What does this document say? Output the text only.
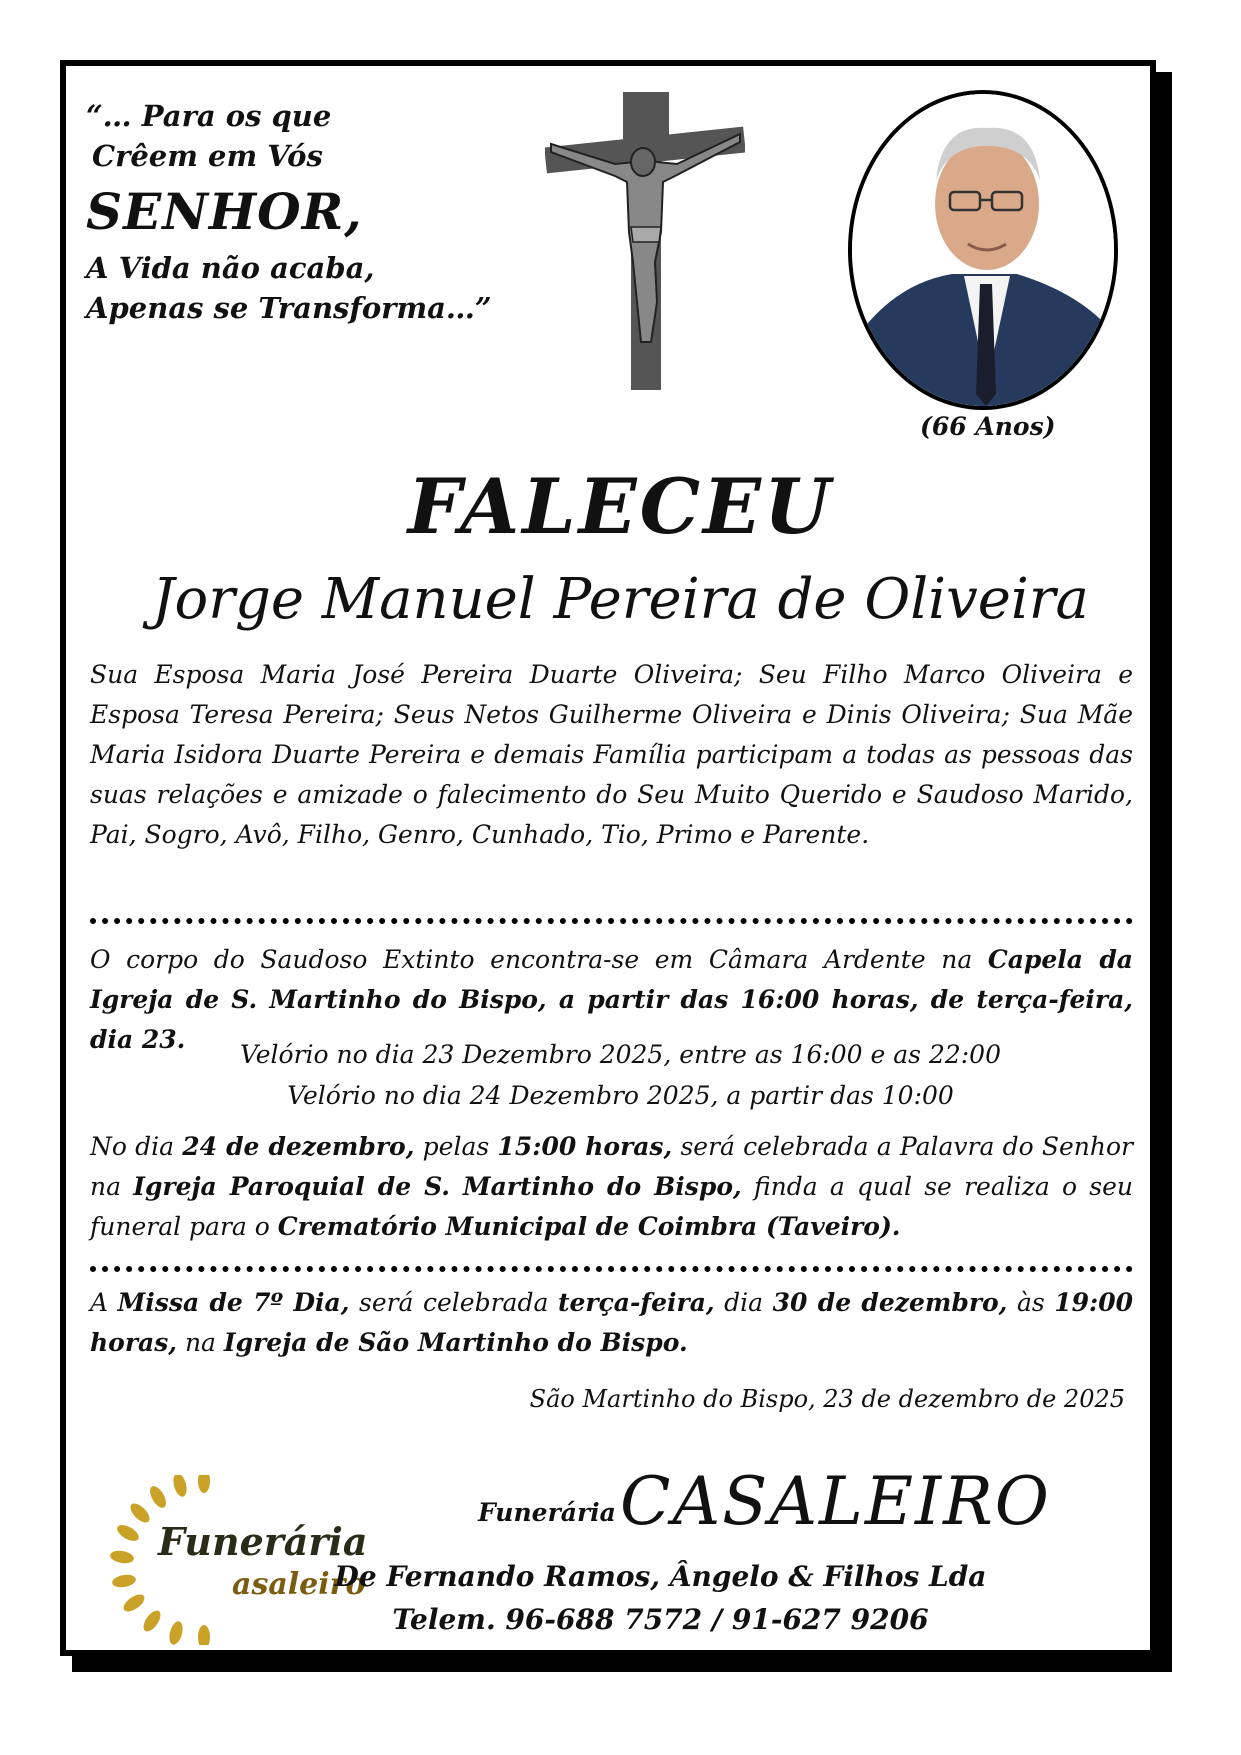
“… Para os que
Crêem em Vós
SENHOR,
A Vida não acaba,
Apenas se Transforma…”
(66 Anos)
FALECEU
Jorge Manuel Pereira de Oliveira
Sua Esposa Maria José Pereira Duarte Oliveira; Seu Filho Marco Oliveira e Esposa Teresa Pereira; Seus Netos Guilherme Oliveira e Dinis Oliveira; Sua Mãe Maria Isidora Duarte Pereira e demais Família participam a todas as pessoas das suas relações e amizade o falecimento do Seu Muito Querido e Saudoso Marido, Pai, Sogro, Avô, Filho, Genro, Cunhado, Tio, Primo e Parente.
O corpo do Saudoso Extinto encontra-se em Câmara Ardente na Capela da Igreja de S. Martinho do Bispo, a partir das 16:00 horas, de terça-feira, dia 23.
Velório no dia 23 Dezembro 2025, entre as 16:00 e as 22:00
Velório no dia 24 Dezembro 2025, a partir das 10:00
No dia 24 de dezembro, pelas 15:00 horas, será celebrada a Palavra do Senhor na Igreja Paroquial de S. Martinho do Bispo, finda a qual se realiza o seu funeral para o Crematório Municipal de Coimbra (Taveiro).
A Missa de 7º Dia, será celebrada terça-feira, dia 30 de dezembro, às 19:00 horas, na Igreja de São Martinho do Bispo.
São Martinho do Bispo, 23 de dezembro de 2025
Funerária
asaleiro
Funerária CASALEIRO
De Fernando Ramos, Ângelo & Filhos Lda
Telem. 96-688 7572 / 91-627 9206
